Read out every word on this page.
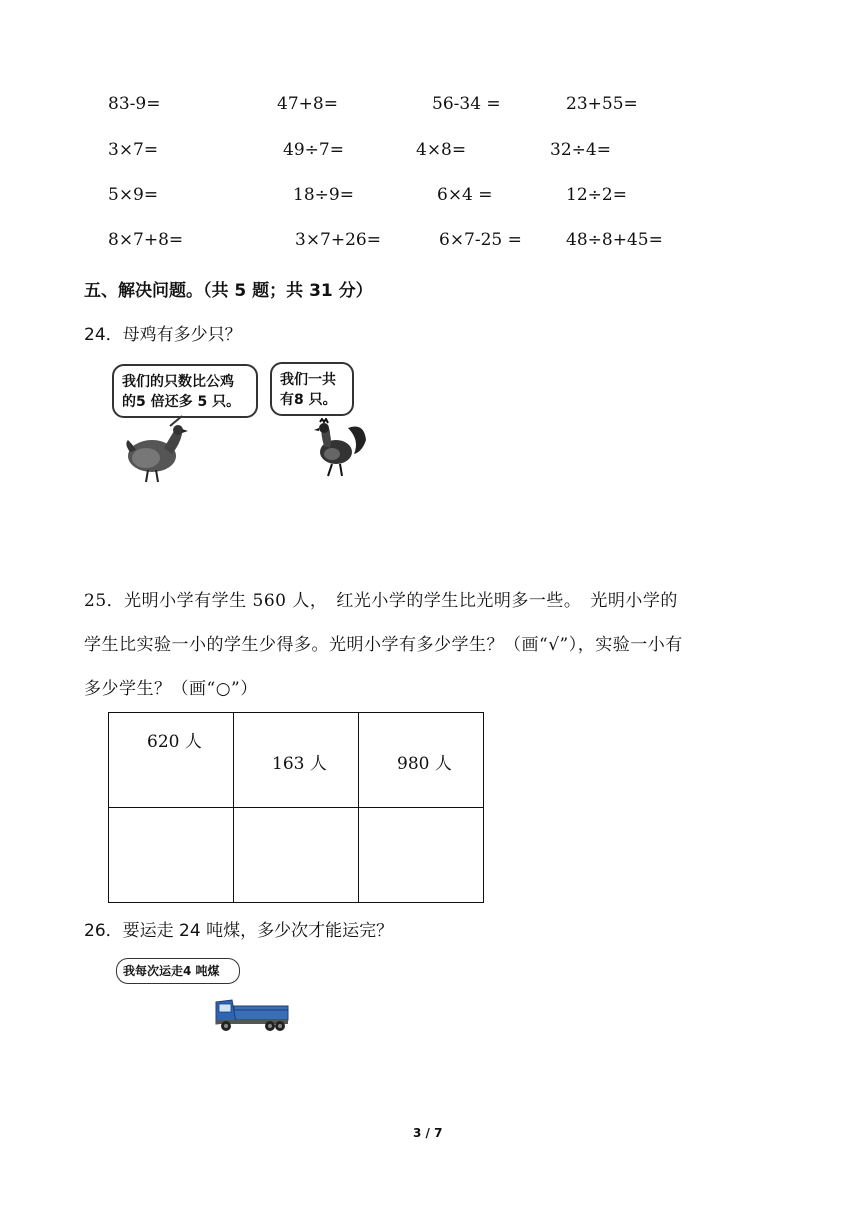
83-9=	47+8=	56-34 =	23+55=
3×7=	49÷7=	4×8=	32÷4=
5×9=	18÷9=	6×4 =	12÷2=
8×7+8=	3×7+26=	6×7-25 =	48÷8+45=
五、解决问题。（共 5 题；共 31 分）
24．母鸡有多少只？
我们的只数比公鸡
的5 倍还多 5 只。
我们一共
有8 只。
25．光明小学有学生 560 人，　红光小学的学生比光明多一些。　光明小学的
学生比实验一小的学生少得多。光明小学有多少学生？（画“√”），实验一小有
多少学生？（画“○”）
620 人	163 人	980 人

26．要运走 24 吨煤，多少次才能运完？
我每次运走4 吨煤
3 / 7
